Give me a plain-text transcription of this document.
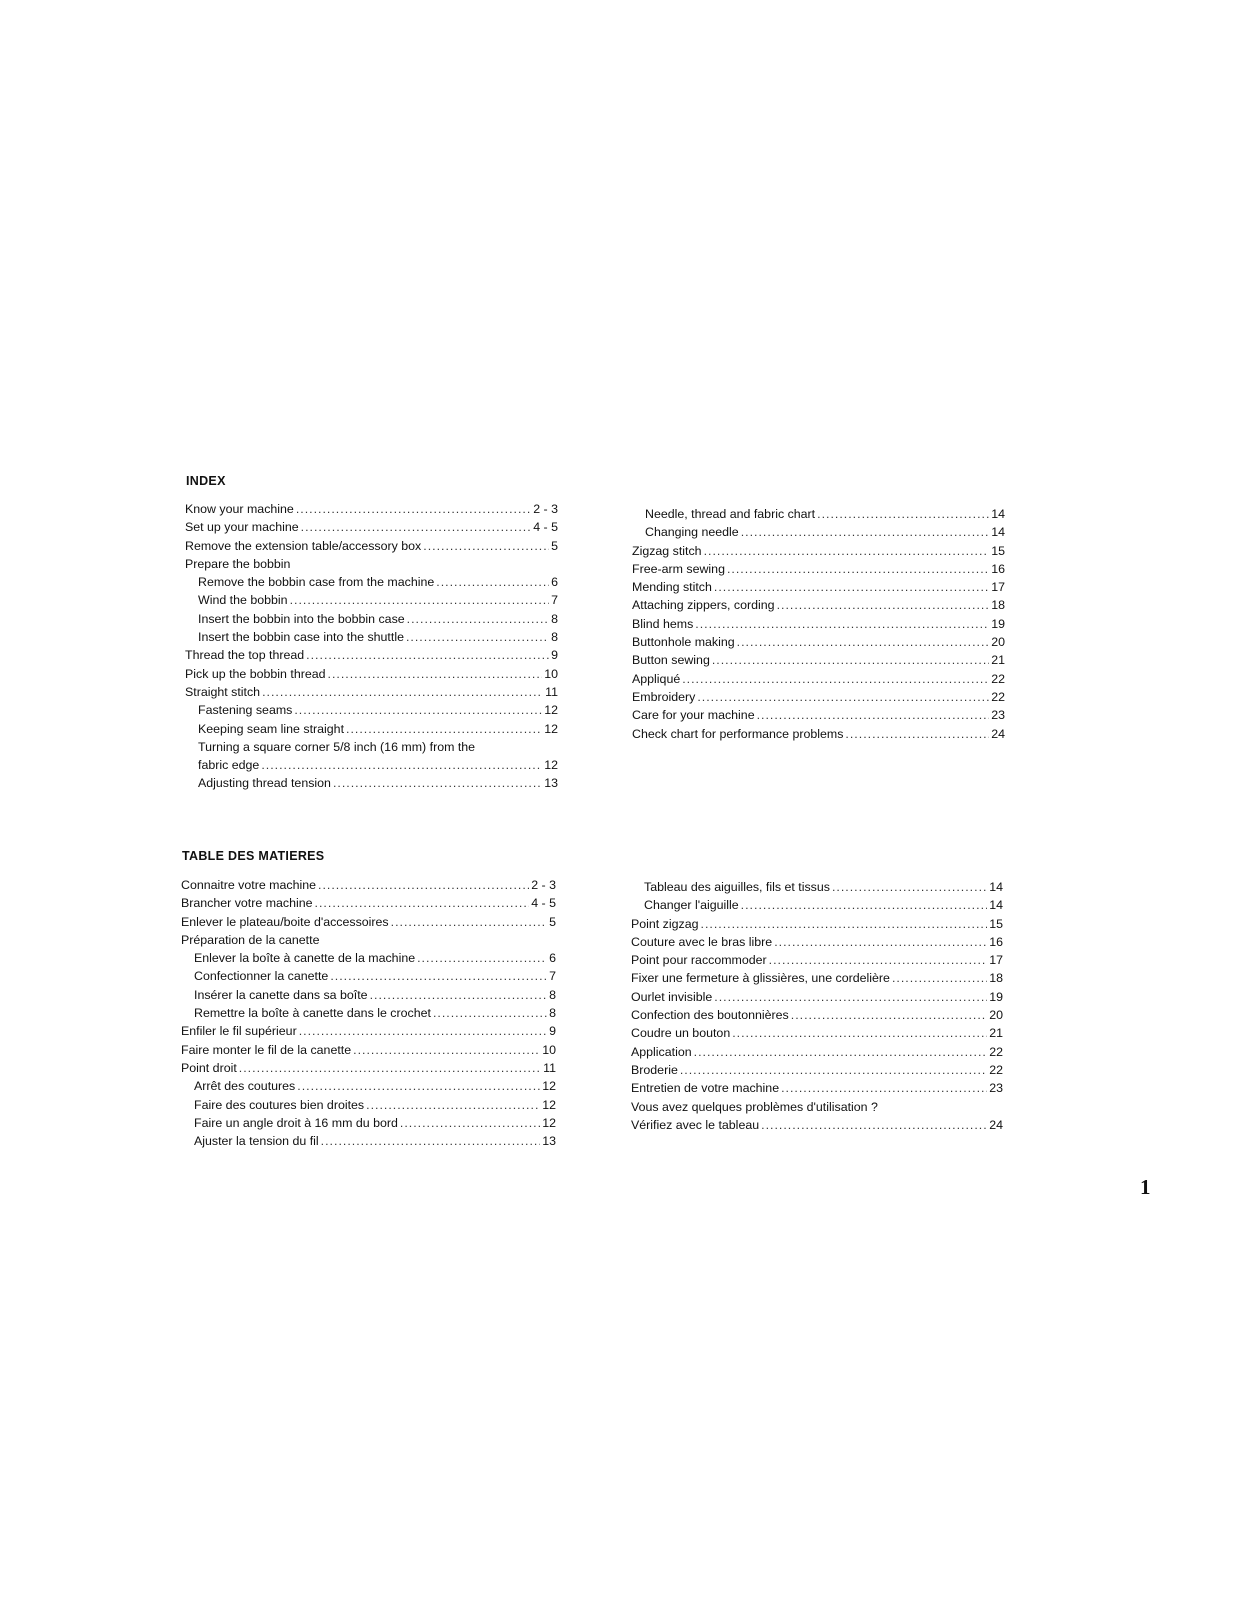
INDEX
Know your machine .....	2 - 3
Set up your machine .....	4 - 5
Remove the extension table/accessory box .....	5
Prepare the bobbin
Remove the bobbin case from the machine .....	6
Wind the bobbin .....	7
Insert the bobbin into the bobbin case .....	8
Insert the bobbin case into the shuttle .....	8
Thread the top thread .....	9
Pick up the bobbin thread .....	10
Straight stitch .....	11
Fastening seams .....	12
Keeping seam line straight .....	12
Turning a square corner 5/8 inch (16 mm) from the
fabric edge .....	12
Adjusting thread tension .....	13
Needle, thread and fabric chart .....	14
Changing needle .....	14
Zigzag stitch .....	15
Free-arm sewing .....	16
Mending stitch .....	17
Attaching zippers, cording .....	18
Blind hems .....	19
Buttonhole making .....	20
Button sewing .....	21
Appliqué .....	22
Embroidery .....	22
Care for your machine .....	23
Check chart for performance problems .....	24
TABLE DES MATIERES
Connaitre votre machine .....	2 - 3
Brancher votre machine .....	4 - 5
Enlever le plateau/boite d'accessoires .....	5
Préparation de la canette
Enlever la boîte à canette de la machine .....	6
Confectionner la canette .....	7
Insérer la canette dans sa boîte .....	8
Remettre la boîte à canette dans le crochet .....	8
Enfiler le fil supérieur .....	9
Faire monter le fil de la canette .....	10
Point droit .....	11
Arrêt des coutures .....	12
Faire des coutures bien droites .....	12
Faire un angle droit à 16 mm du bord .....	12
Ajuster la tension du fil .....	13
Tableau des aiguilles, fils et tissus .....	14
Changer l'aiguille .....	14
Point zigzag .....	15
Couture avec le bras libre .....	16
Point pour raccommoder .....	17
Fixer une fermeture à glissières, une cordelière .....	18
Ourlet invisible .....	19
Confection des boutonnières .....	20
Coudre un bouton .....	21
Application .....	22
Broderie .....	22
Entretien de votre machine .....	23
Vous avez quelques problèmes d'utilisation ?
Vérifiez avec le tableau .....	24
1
